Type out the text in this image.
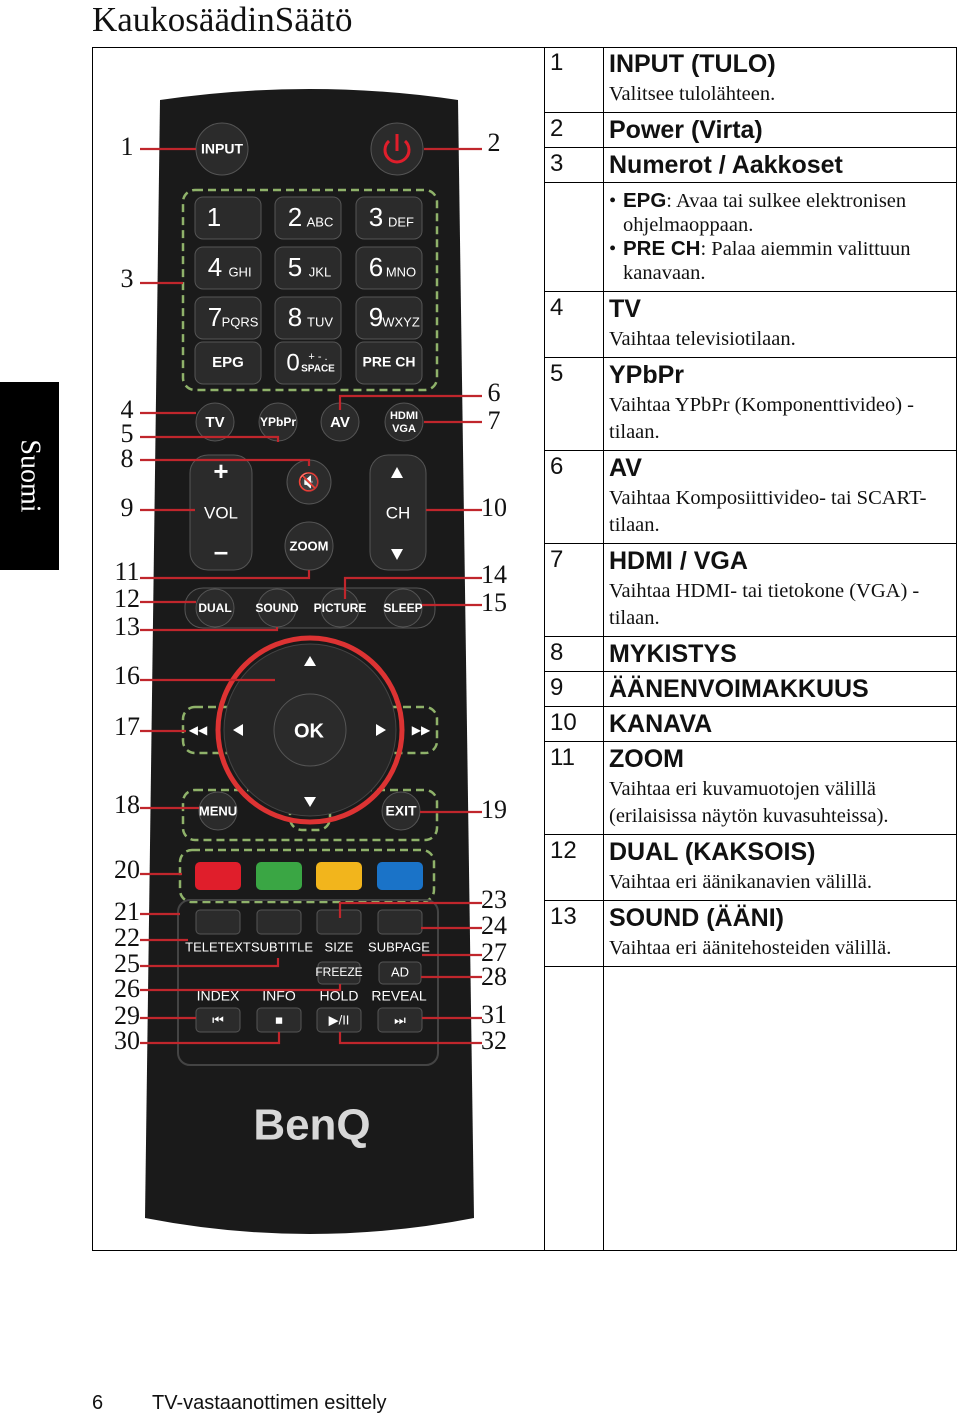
KaukosäädinSäätö
Suomi
INPUT
1	2 ABC 3 DEF
4 GHI 5 JKL 6 MNO
7 PQRS 8 TUV 9
WXYZ
EPG 0 + - .
SPACE PRE CH
TV	YPbPr AV	HDMI
VGA
+
VOL
–
CH
🔇
ZOOM
DUAL SOUND PICTURE SLEEP
OK
◀◀	▶▶
MENU	EXIT
TELETEXT SUBTITLE SIZE SUBPAGE
FREEZE AD
INDEX INFO HOLD REVEAL
⏮	■	▶/II	⏭
BenQ
1
3
4
5
8
9
11
12
13
16
17
18
20
21
22
25
26
29
30
2
6
7
10
14
15
19
23
24
27
28
31
32
1 INPUT (TULO)
Valitsee tulolähteen.
2 Power (Virta)
3 Numerot / Aakkoset
• EPG: Avaa tai sulkee elektronisen ohjelmaoppaan.
• PRE CH: Palaa aiemmin valittuun kanavaan.
4 TV
Vaihtaa televisiotilaan.
5 YPbPr
Vaihtaa YPbPr (Komponenttivideo) -tilaan.
6 AV
Vaihtaa Komposiittivideo- tai SCART-tilaan.
7 HDMI / VGA
Vaihtaa HDMI- tai tietokone (VGA) -tilaan.
8 MYKISTYS
9 ÄÄNENVOIMAKKUUS
10 KANAVA
11 ZOOM
Vaihtaa eri kuvamuotojen välillä (erilaisissa näytön kuvasuhteissa).
12 DUAL (KAKSOIS)
Vaihtaa eri äänikanavien välillä.
13 SOUND (ÄÄNI)
Vaihtaa eri äänitehosteiden välillä.
6 TV-vastaanottimen esittely
